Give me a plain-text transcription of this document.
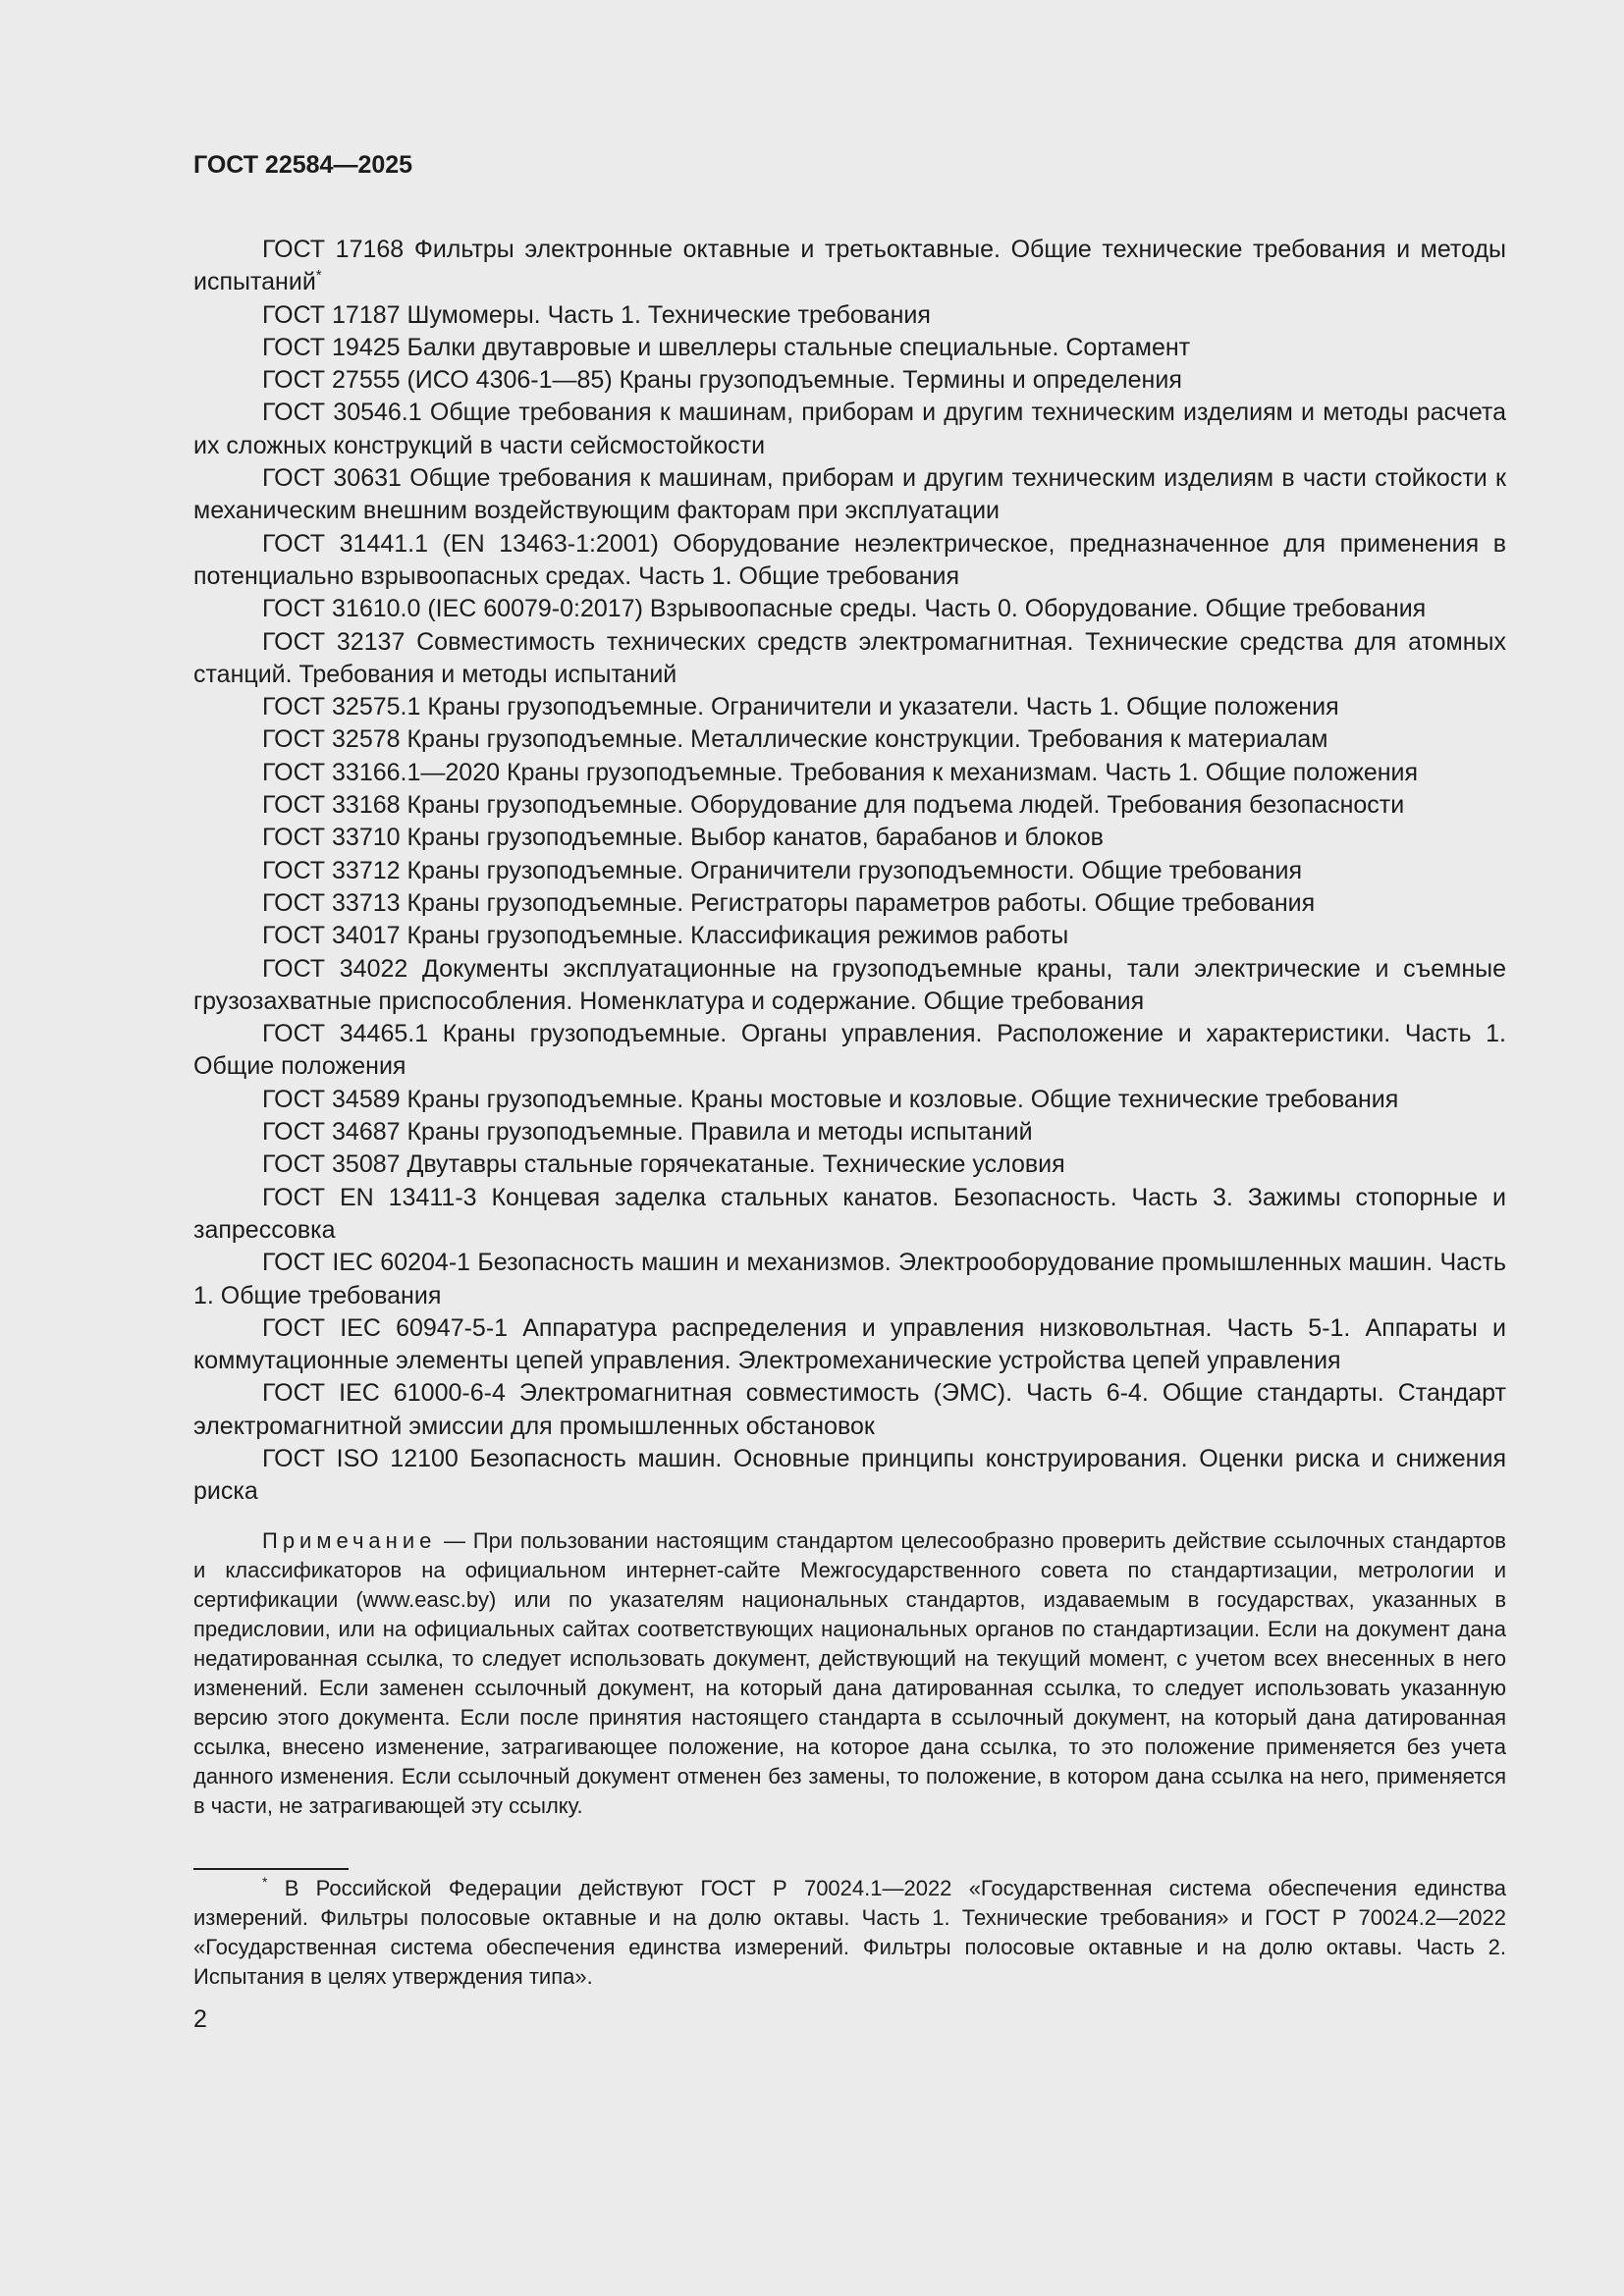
ГОСТ 22584—2025

ГОСТ 17168 Фильтры электронные октавные и третьоктавные. Общие технические требования и методы испытаний*

ГОСТ 17187 Шумомеры. Часть 1. Технические требования

ГОСТ 19425 Балки двутавровые и швеллеры стальные специальные. Сортамент

ГОСТ 27555 (ИСО 4306-1—85) Краны грузоподъемные. Термины и определения

ГОСТ 30546.1 Общие требования к машинам, приборам и другим техническим изделиям и методы расчета их сложных конструкций в части сейсмостойкости

ГОСТ 30631 Общие требования к машинам, приборам и другим техническим изделиям в части стойкости к механическим внешним воздействующим факторам при эксплуатации

ГОСТ 31441.1 (EN 13463-1:2001) Оборудование неэлектрическое, предназначенное для применения в потенциально взрывоопасных средах. Часть 1. Общие требования

ГОСТ 31610.0 (IEC 60079-0:2017) Взрывоопасные среды. Часть 0. Оборудование. Общие требования

ГОСТ 32137 Совместимость технических средств электромагнитная. Технические средства для атомных станций. Требования и методы испытаний

ГОСТ 32575.1 Краны грузоподъемные. Ограничители и указатели. Часть 1. Общие положения

ГОСТ 32578 Краны грузоподъемные. Металлические конструкции. Требования к материалам

ГОСТ 33166.1—2020 Краны грузоподъемные. Требования к механизмам. Часть 1. Общие положения

ГОСТ 33168 Краны грузоподъемные. Оборудование для подъема людей. Требования безопасности

ГОСТ 33710 Краны грузоподъемные. Выбор канатов, барабанов и блоков

ГОСТ 33712 Краны грузоподъемные. Ограничители грузоподъемности. Общие требования

ГОСТ 33713 Краны грузоподъемные. Регистраторы параметров работы. Общие требования

ГОСТ 34017 Краны грузоподъемные. Классификация режимов работы

ГОСТ 34022 Документы эксплуатационные на грузоподъемные краны, тали электрические и съемные грузозахватные приспособления. Номенклатура и содержание. Общие требования

ГОСТ 34465.1 Краны грузоподъемные. Органы управления. Расположение и характеристики. Часть 1. Общие положения

ГОСТ 34589 Краны грузоподъемные. Краны мостовые и козловые. Общие технические требования

ГОСТ 34687 Краны грузоподъемные. Правила и методы испытаний

ГОСТ 35087 Двутавры стальные горячекатаные. Технические условия

ГОСТ EN 13411-3 Концевая заделка стальных канатов. Безопасность. Часть 3. Зажимы стопорные и запрессовка

ГОСТ IEC 60204-1 Безопасность машин и механизмов. Электрооборудование промышленных машин. Часть 1. Общие требования

ГОСТ IEC 60947-5-1 Аппаратура распределения и управления низковольтная. Часть 5-1. Аппараты и коммутационные элементы цепей управления. Электромеханические устройства цепей управления

ГОСТ IEC 61000-6-4 Электромагнитная совместимость (ЭМС). Часть 6-4. Общие стандарты. Стандарт электромагнитной эмиссии для промышленных обстановок

ГОСТ ISO 12100 Безопасность машин. Основные принципы конструирования. Оценки риска и снижения риска

Примечание — При пользовании настоящим стандартом целесообразно проверить действие ссылочных стандартов и классификаторов на официальном интернет-сайте Межгосударственного совета по стандартизации, метрологии и сертификации (www.easc.by) или по указателям национальных стандартов, издаваемым в государствах, указанных в предисловии, или на официальных сайтах соответствующих национальных органов по стандартизации. Если на документ дана недатированная ссылка, то следует использовать документ, действующий на текущий момент, с учетом всех внесенных в него изменений. Если заменен ссылочный документ, на который дана датированная ссылка, то следует использовать указанную версию этого документа. Если после принятия настоящего стандарта в ссылочный документ, на который дана датированная ссылка, внесено изменение, затрагивающее положение, на которое дана ссылка, то это положение применяется без учета данного изменения. Если ссылочный документ отменен без замены, то положение, в котором дана ссылка на него, применяется в части, не затрагивающей эту ссылку.
* В Российской Федерации действуют ГОСТ Р 70024.1—2022 «Государственная система обеспечения единства измерений. Фильтры полосовые октавные и на долю октавы. Часть 1. Технические требования» и ГОСТ Р 70024.2—2022 «Государственная система обеспечения единства измерений. Фильтры полосовые октавные и на долю октавы. Часть 2. Испытания в целях утверждения типа».
2
